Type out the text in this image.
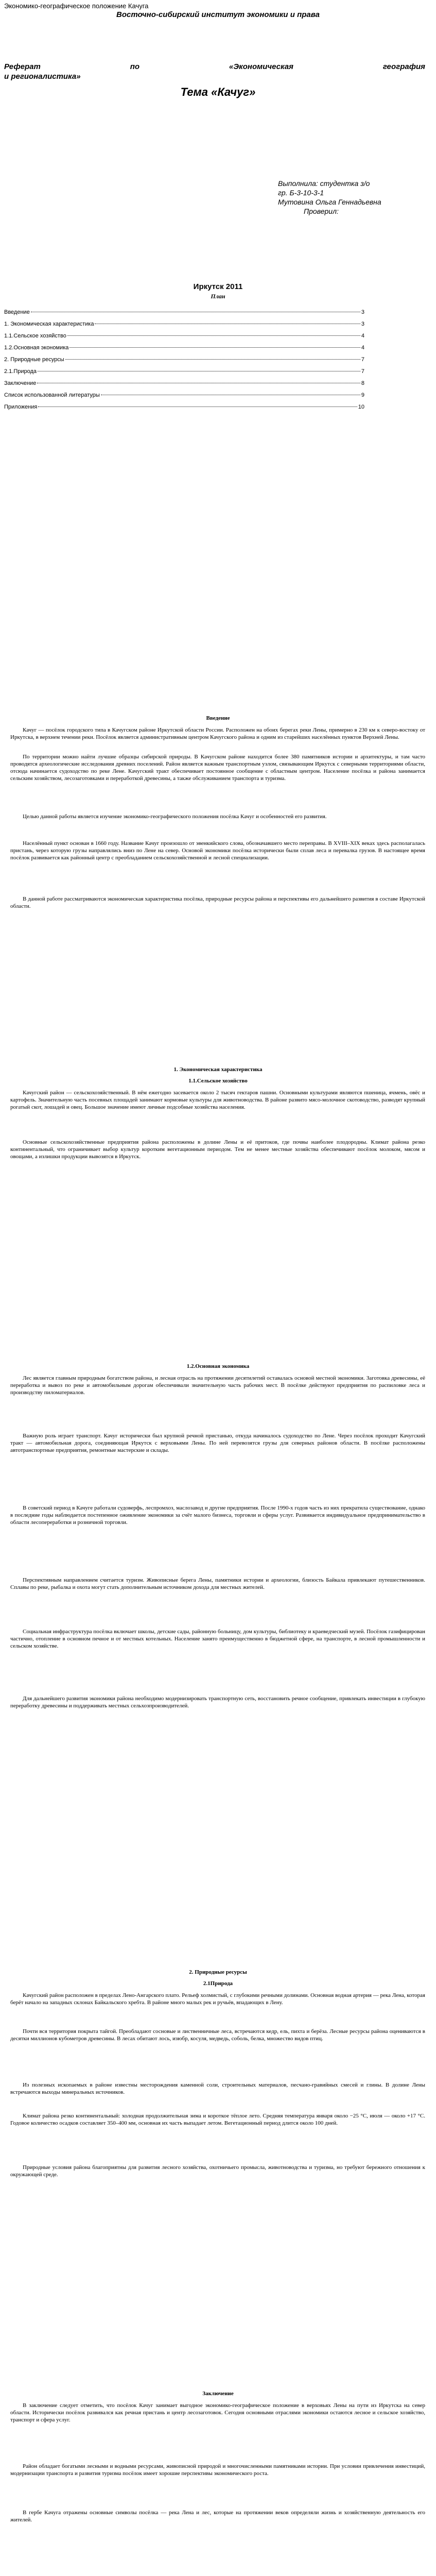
Экономико-географическое положение Качуга
Восточно-сибирский институт экономики и права
Реферат	по	«Экономическая	география
и регионалистика»
Тема «Качуг»
Выполнила: студентка з/о
гр. Б-3-10-3-1
Мутовина Ольга Геннадьевна
Проверил:
Иркутск 2011
План
Введение	3
1. Экономическая характеристика	3
1.1.Сельское хозяйство	4
1.2.Основная экономика	4
2. Природные ресурсы	7
2.1.Природа	7
Заключение	8
Список использованной литературы	9
Приложения	10
Введение

Качуг — посёлок городского типа в Качугском районе Иркутской области России. Расположен на обоих берегах реки Лены, примерно в 230 км к северо-востоку от Иркутска, в верхнем течении реки. Посёлок является административным центром Качугского района и одним из старейших населённых пунктов Верхней Лены.

По территории можно найти лучшие образцы сибирской природы. В Качугском районе находится более 380 памятников истории и архитектуры, и там часто проводятся археологические исследования древних поселений. Район является важным транспортным узлом, связывающим Иркутск с северными территориями области, отсюда начинается судоходство по реке Лене. Качугский тракт обеспечивает постоянное сообщение с областным центром. Население посёлка и района занимается сельским хозяйством, лесозаготовками и переработкой древесины, а также обслуживанием транспорта и туризма.

Целью данной работы является изучение экономико-географического положения посёлка Качуг и особенностей его развития.

Населённый пункт основан в 1660 году. Название Качуг произошло от эвенкийского слова, обозначавшего место переправы. В XVIII–XIX веках здесь располагалась пристань, через которую грузы направлялись вниз по Лене на север. Основой экономики посёлка исторически были сплав леса и перевалка грузов. В настоящее время посёлок развивается как районный центр с преобладанием сельскохозяйственной и лесной специализации.

В данной работе рассматриваются экономическая характеристика посёлка, природные ресурсы района и перспективы его дальнейшего развития в составе Иркутской области.

1. Экономическая характеристика
1.1.Сельское хозяйство

Качугский район — сельскохозяйственный. В нём ежегодно засевается около 2 тысяч гектаров пашни. Основными культурами являются пшеница, ячмень, овёс и картофель. Значительную часть посевных площадей занимают кормовые культуры для животноводства. В районе развито мясо-молочное скотоводство, разводят крупный рогатый скот, лошадей и овец. Большое значение имеют личные подсобные хозяйства населения.

Основные сельскохозяйственные предприятия района расположены в долине Лены и её притоков, где почвы наиболее плодородны. Климат района резко континентальный, что ограничивает выбор культур коротким вегетационным периодом. Тем не менее местные хозяйства обеспечивают посёлок молоком, мясом и овощами, а излишки продукции вывозятся в Иркутск.

1.2.Основная экономика

Лес является главным природным богатством района, и лесная отрасль на протяжении десятилетий оставалась основой местной экономики. Заготовка древесины, её переработка и вывоз по реке и автомобильным дорогам обеспечивали значительную часть рабочих мест. В посёлке действуют предприятия по распиловке леса и производству пиломатериалов.

Важную роль играет транспорт. Качуг исторически был крупной речной пристанью, откуда начиналось судоходство по Лене. Через посёлок проходит Качугский тракт — автомобильная дорога, соединяющая Иркутск с верховьями Лены. По ней перевозятся грузы для северных районов области. В посёлке расположены автотранспортные предприятия, ремонтные мастерские и склады.

В советский период в Качуге работали судоверфь, леспромхоз, маслозавод и другие предприятия. После 1990-х годов часть из них прекратила существование, однако в последние годы наблюдается постепенное оживление экономики за счёт малого бизнеса, торговли и сферы услуг. Развивается индивидуальное предпринимательство в области лесопереработки и розничной торговли.

Перспективным направлением считается туризм. Живописные берега Лены, памятники истории и археологии, близость Байкала привлекают путешественников. Сплавы по реке, рыбалка и охота могут стать дополнительным источником дохода для местных жителей.

Социальная инфраструктура посёлка включает школы, детские сады, районную больницу, дом культуры, библиотеку и краеведческий музей. Посёлок газифицирован частично, отопление в основном печное и от местных котельных. Население занято преимущественно в бюджетной сфере, на транспорте, в лесной промышленности и сельском хозяйстве.

Для дальнейшего развития экономики района необходимо модернизировать транспортную сеть, восстановить речное сообщение, привлекать инвестиции в глубокую переработку древесины и поддерживать местных сельхозпроизводителей.

2. Природные ресурсы
2.1Природа

Качугский район расположен в пределах Лено-Ангарского плато. Рельеф холмистый, с глубокими речными долинами. Основная водная артерия — река Лена, которая берёт начало на западных склонах Байкальского хребта. В районе много малых рек и ручьёв, впадающих в Лену.

Почти вся территория покрыта тайгой. Преобладают сосновые и лиственничные леса, встречаются кедр, ель, пихта и берёза. Лесные ресурсы района оцениваются в десятки миллионов кубометров древесины. В лесах обитают лось, изюбр, косуля, медведь, соболь, белка, множество видов птиц.

Из полезных ископаемых в районе известны месторождения каменной соли, строительных материалов, песчано-гравийных смесей и глины. В долине Лены встречаются выходы минеральных источников.

Климат района резко континентальный: холодная продолжительная зима и короткое тёплое лето. Средняя температура января около −25 °C, июля — около +17 °C. Годовое количество осадков составляет 350–400 мм, основная их часть выпадает летом. Вегетационный период длится около 100 дней.

Природные условия района благоприятны для развития лесного хозяйства, охотничьего промысла, животноводства и туризма, но требуют бережного отношения к окружающей среде.

Заключение

В заключение следует отметить, что посёлок Качуг занимает выгодное экономико-географическое положение в верховьях Лены на пути из Иркутска на север области. Исторически посёлок развивался как речная пристань и центр лесозаготовок. Сегодня основными отраслями экономики остаются лесное и сельское хозяйство, транспорт и сфера услуг.

Район обладает богатыми лесными и водными ресурсами, живописной природой и многочисленными памятниками истории. При условии привлечения инвестиций, модернизации транспорта и развития туризма посёлок имеет хорошие перспективы экономического роста.

В гербе Качуга отражены основные символы посёлка — река Лена и лес, которые на протяжении веков определяли жизнь и хозяйственную деятельность его жителей.
